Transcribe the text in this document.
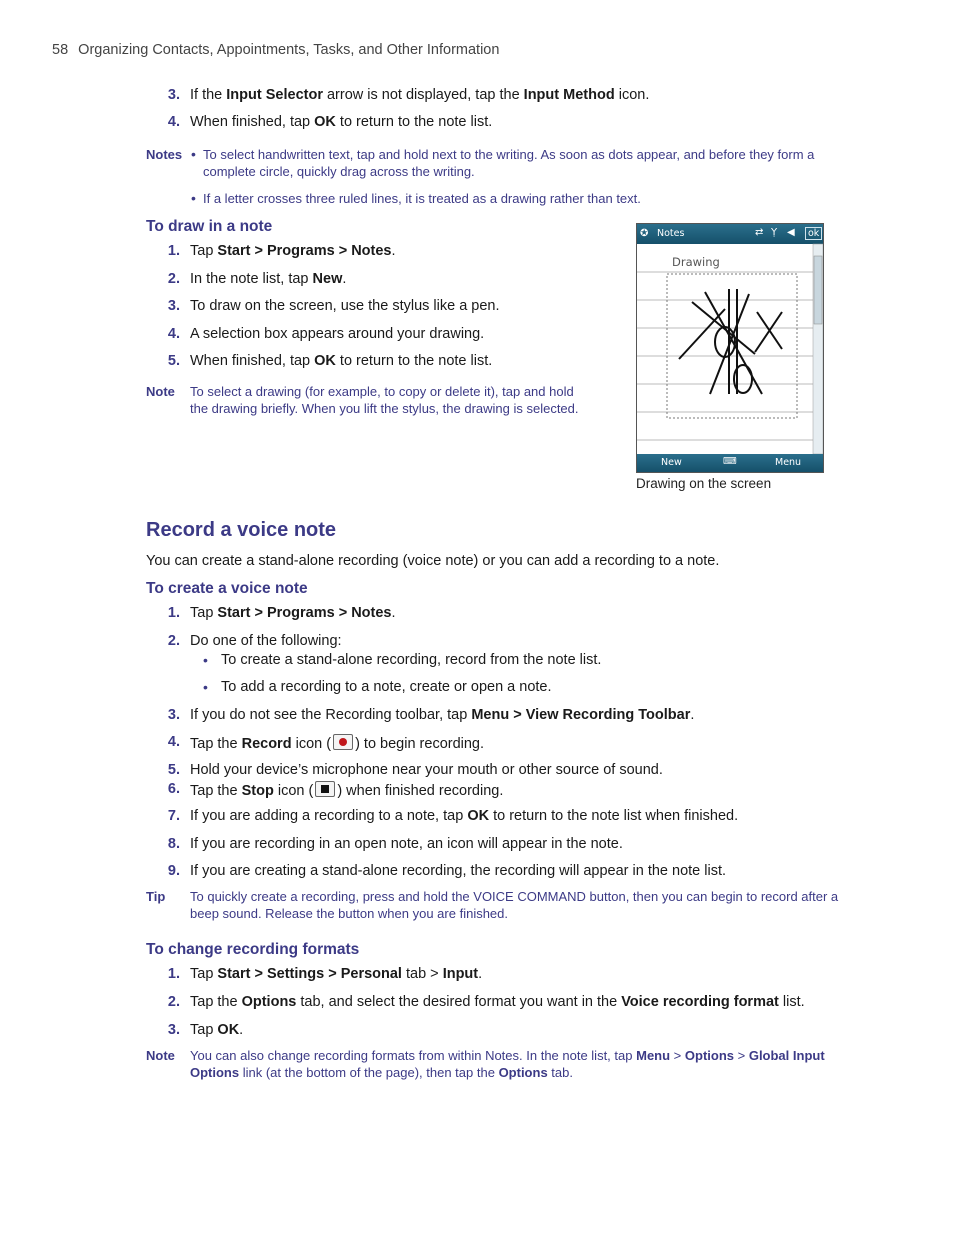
58 Organizing Contacts, Appointments, Tasks, and Other Information
3. If the Input Selector arrow is not displayed, tap the Input Method icon.
4. When finished, tap OK to return to the note list.
Notes • To select handwritten text, tap and hold next to the writing. As soon as dots appear, and before they form a complete circle, quickly drag across the writing.
• If a letter crosses three ruled lines, it is treated as a drawing rather than text.
To draw in a note
1. Tap Start > Programs > Notes.
2. In the note list, tap New.
3. To draw on the screen, use the stylus like a pen.
4. A selection box appears around your drawing.
5. When finished, tap OK to return to the note list.
Note To select a drawing (for example, to copy or delete it), tap and hold the drawing briefly. When you lift the stylus, the drawing is selected.
✪ Notes	⇄ Ỵ ◀	ok
Drawing
New	⌨	Menu
Drawing on the screen
Record a voice note
You can create a stand-alone recording (voice note) or you can add a recording to a note.
To create a voice note
1. Tap Start > Programs > Notes.
2. Do one of the following:
• To create a stand-alone recording, record from the note list.
• To add a recording to a note, create or open a note.
3. If you do not see the Recording toolbar, tap Menu > View Recording Toolbar.
4. Tap the Record icon ( ) to begin recording.
5. Hold your device’s microphone near your mouth or other source of sound.
6. Tap the Stop icon ( ) when finished recording.
7. If you are adding a recording to a note, tap OK to return to the note list when finished.
8. If you are recording in an open note, an icon will appear in the note.
9. If you are creating a stand-alone recording, the recording will appear in the note list.
Tip To quickly create a recording, press and hold the VOICE COMMAND button, then you can begin to record after a beep sound. Release the button when you are finished.
To change recording formats
1. Tap Start > Settings > Personal tab > Input.
2. Tap the Options tab, and select the desired format you want in the Voice recording format list.
3. Tap OK.
Note You can also change recording formats from within Notes. In the note list, tap Menu > Options > Global Input Options link (at the bottom of the page), then tap the Options tab.
